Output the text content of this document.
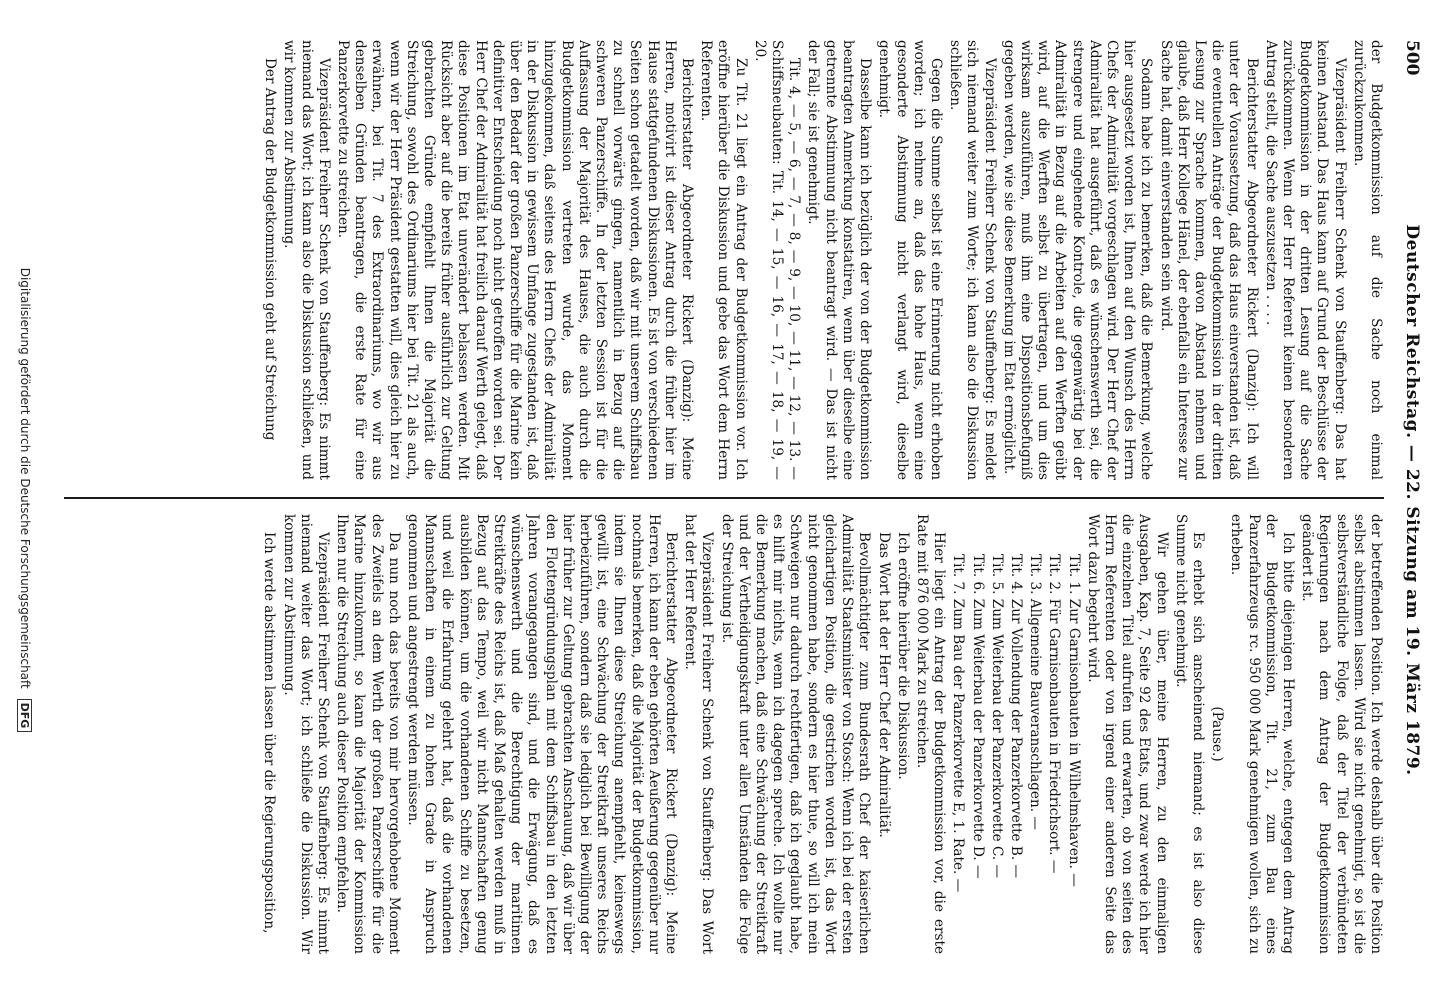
500
Deutscher Reichstag. — 22. Sitzung am 19. März 1879.

der Budgetkommission auf die Sache noch einmal zurückzukommen.

Vizepräsident Freiherr Schenk von Stauffenberg: Das hat keinen Anstand. Das Haus kann auf Grund der Beschlüsse der Budgetkommission in der dritten Lesung auf die Sache zurückkommen. Wenn der Herr Referent keinen besonderen Antrag stellt, die Sache auszusetzen . . . .

Berichterstatter Abgeordneter Rickert (Danzig): Ich will unter der Voraussetzung, daß das Haus einverstanden ist, daß die eventuellen Anträge der Budgetkommission in der dritten Lesung zur Sprache kommen, davon Abstand nehmen und glaube, daß Herr Kollege Hänel, der ebenfalls ein Interesse zur Sache hat, damit einverstanden sein wird.

Sodann habe ich zu bemerken, daß die Bemerkung, welche hier ausgesetzt worden ist, Ihnen auf den Wunsch des Herrn Chefs der Admiralität vorgeschlagen wird. Der Herr Chef der Admiralität hat ausgeführt, daß es wünschenswerth sei, die strengere und eingehende Kontrole, die gegenwärtig bei der Admiralität in Bezug auf die Arbeiten auf den Werften geübt wird, auf die Werften selbst zu übertragen, und um dies wirksam auszuführen, muß ihm eine Dispositionsbefugniß gegeben werden, wie sie diese Bemerkung im Etat ermöglicht.

Vizepräsident Freiherr Schenk von Stauffenberg: Es meldet sich niemand weiter zum Worte; ich kann also die Diskussion schließen.

Gegen die Summe selbst ist eine Erinnerung nicht erhoben worden; ich nehme an, daß das hohe Haus, wenn eine gesonderte Abstimmung nicht verlangt wird, dieselbe genehmigt.

Dasselbe kann ich bezüglich der von der Budgetkommission beantragten Anmerkung konstatiren, wenn über dieselbe eine getrennte Abstimmung nicht beantragt wird. — Das ist nicht der Fall; sie ist genehmigt.

Tit. 4, — 5, — 6, — 7, — 8, — 9, — 10, — 11, — 12, — 13. — Schiffsneubauten: Tit. 14, — 15, — 16, — 17, — 18, — 19, — 20.

Zu Tit. 21 liegt ein Antrag der Budgetkommission vor. Ich eröffne hierüber die Diskussion und gebe das Wort dem Herrn Referenten.

Berichterstatter Abgeordneter Rickert (Danzig): Meine Herren, motivirt ist dieser Antrag durch die früher hier im Hause stattgefundenen Diskussionen. Es ist von verschiedenen Seiten schon getadelt worden, daß wir mit unserem Schiffsbau zu schnell vorwärts gingen, namentlich in Bezug auf die schweren Panzerschiffe. In der letzten Session ist für die Auffassung der Majorität des Hauses, die auch durch die Budgetkommission vertreten wurde, das Moment hinzugekommen, daß seitens des Herrn Chefs der Admiralität in der Diskussion in gewissem Umfange zugestanden ist, daß über den Bedarf der großen Panzerschiffe für die Marine kein definitiver Entscheidung noch nicht getroffen worden sei. Der Herr Chef der Admiralität hat freilich darauf Werth gelegt, daß diese Positionen im Etat unverändert belassen werden. Mit Rücksicht aber auf die bereits früher ausführlich zur Geltung gebrachten Gründe empfiehlt Ihnen die Majorität die Streichung, sowohl des Ordinariums hier bei Tit. 21 als auch, wenn wir der Herr Präsident gestatten will, dies gleich hier zu erwähnen, bei Tit. 7 des Extraordinariums, wo wir aus denselben Gründen beantragen, die erste Rate für eine Panzerkorvette zu streichen.

Vizepräsident Freiherr Schenk von Stauffenberg: Es nimmt niemand das Wort; ich kann also die Diskussion schließen, und wir kommen zur Abstimmung.

Der Antrag der Budgetkommission geht auf Streichung

der betreffenden Position. Ich werde deshalb über die Position selbst abstimmen lassen. Wird sie nicht genehmigt, so ist die selbstverständliche Folge, daß der Titel der verbündeten Regierungen nach dem Antrag der Budgetkommission geändert ist.

Ich bitte diejenigen Herren, welche, entgegen dem Antrag der Budgetkommission, Tit. 21, zum Bau eines Panzerfahrzeugs rc. 950 000 Mark genehmigen wollen, sich zu erheben.

(Pause.)

Es erhebt sich anscheinend niemand; es ist also diese Summe nicht genehmigt.

Wir gehen über, meine Herren, zu den einmaligen Ausgaben, Kap. 7, Seite 92 des Etats, und zwar werde ich hier die einzelnen Titel aufrufen und erwarten, ob von seiten des Herrn Referenten oder von irgend einer anderen Seite das Wort dazu begehrt wird.

Tit. 1. Zur Garnisonbauten in Wilhelmshaven. —

Tit. 2. Für Garnisonbauten in Friedrichsort. —

Tit. 3. Allgemeine Bauveranschlagen. —

Tit. 4. Zur Vollendung der Panzerkorvette B. —

Tit. 5. Zum Weiterbau der Panzerkorvette C. —

Tit. 6. Zum Weiterbau der Panzerkorvette D. —

Tit. 7. Zum Bau der Panzerkorvette E, 1. Rate. —

Hier liegt ein Antrag der Budgetkommission vor, die erste Rate mit 876 000 Mark zu streichen.

Ich eröffne hierüber die Diskussion.

Das Wort hat der Herr Chef der Admiralität.

Bevollmächtigter zum Bundesrath Chef der kaiserlichen Admiralität Staatsminister von Stosch: Wenn ich bei der ersten gleichartigen Position, die gestrichen worden ist, das Wort nicht genommen habe, sondern es hier thue, so will ich mein Schweigen nur dadurch rechtfertigen, daß ich geglaubt habe, es hilft mir nichts, wenn ich dagegen spreche. Ich wollte nur die Bemerkung machen, daß eine Schwächung der Streitkraft und der Vertheidigungskraft unter allen Umständen die Folge der Streichung ist.

Vizepräsident Freiherr Schenk von Stauffenberg: Das Wort hat der Herr Referent.

Berichterstatter Abgeordneter Rickert (Danzig): Meine Herren, ich kann der eben gehörten Aeußerung gegenüber nur nochmals bemerken, daß die Majorität der Budgetkommission, indem sie Ihnen diese Streichung anempfiehlt, keineswegs gewillt ist, eine Schwächung der Streitkraft unseres Reichs herbeizuführen, sondern daß sie lediglich bei Bewilligung der hier früher zur Geltung gebrachten Anschauung, daß wir über den Flottengründungsplan mit dem Schiffsbau in den letzten Jahren vorangegangen sind, und die Erwägung, daß es wünschenswerth und die Berechtigung der maritimen Streitkräfte des Reichs ist, daß Maß gehalten werden muß in Bezug auf das Tempo, weil wir nicht Mannschaften genug ausbilden können, um die vorhandenen Schiffe zu besetzen, und weil die Erfahrung gelehrt hat, daß die vorhandenen Mannschaften in einem zu hohen Grade in Anspruch genommen und angestrengt werden müssen.

Da nun noch das bereits von mir hervorgehobene Moment des Zweifels an dem Werth der großen Panzerschiffe für die Marine hinzukommt, so kann die Majorität der Kommission Ihnen nur die Streichung auch dieser Position empfehlen.

Vizepräsident Freiherr Schenk von Stauffenberg: Es nimmt niemand weiter das Wort; ich schließe die Diskussion. Wir kommen zur Abstimmung.

Ich werde abstimmen lassen über die Regierungsposition,

Digitalisierung gefördert durch die Deutsche Forschungsgemeinschaft DFG
